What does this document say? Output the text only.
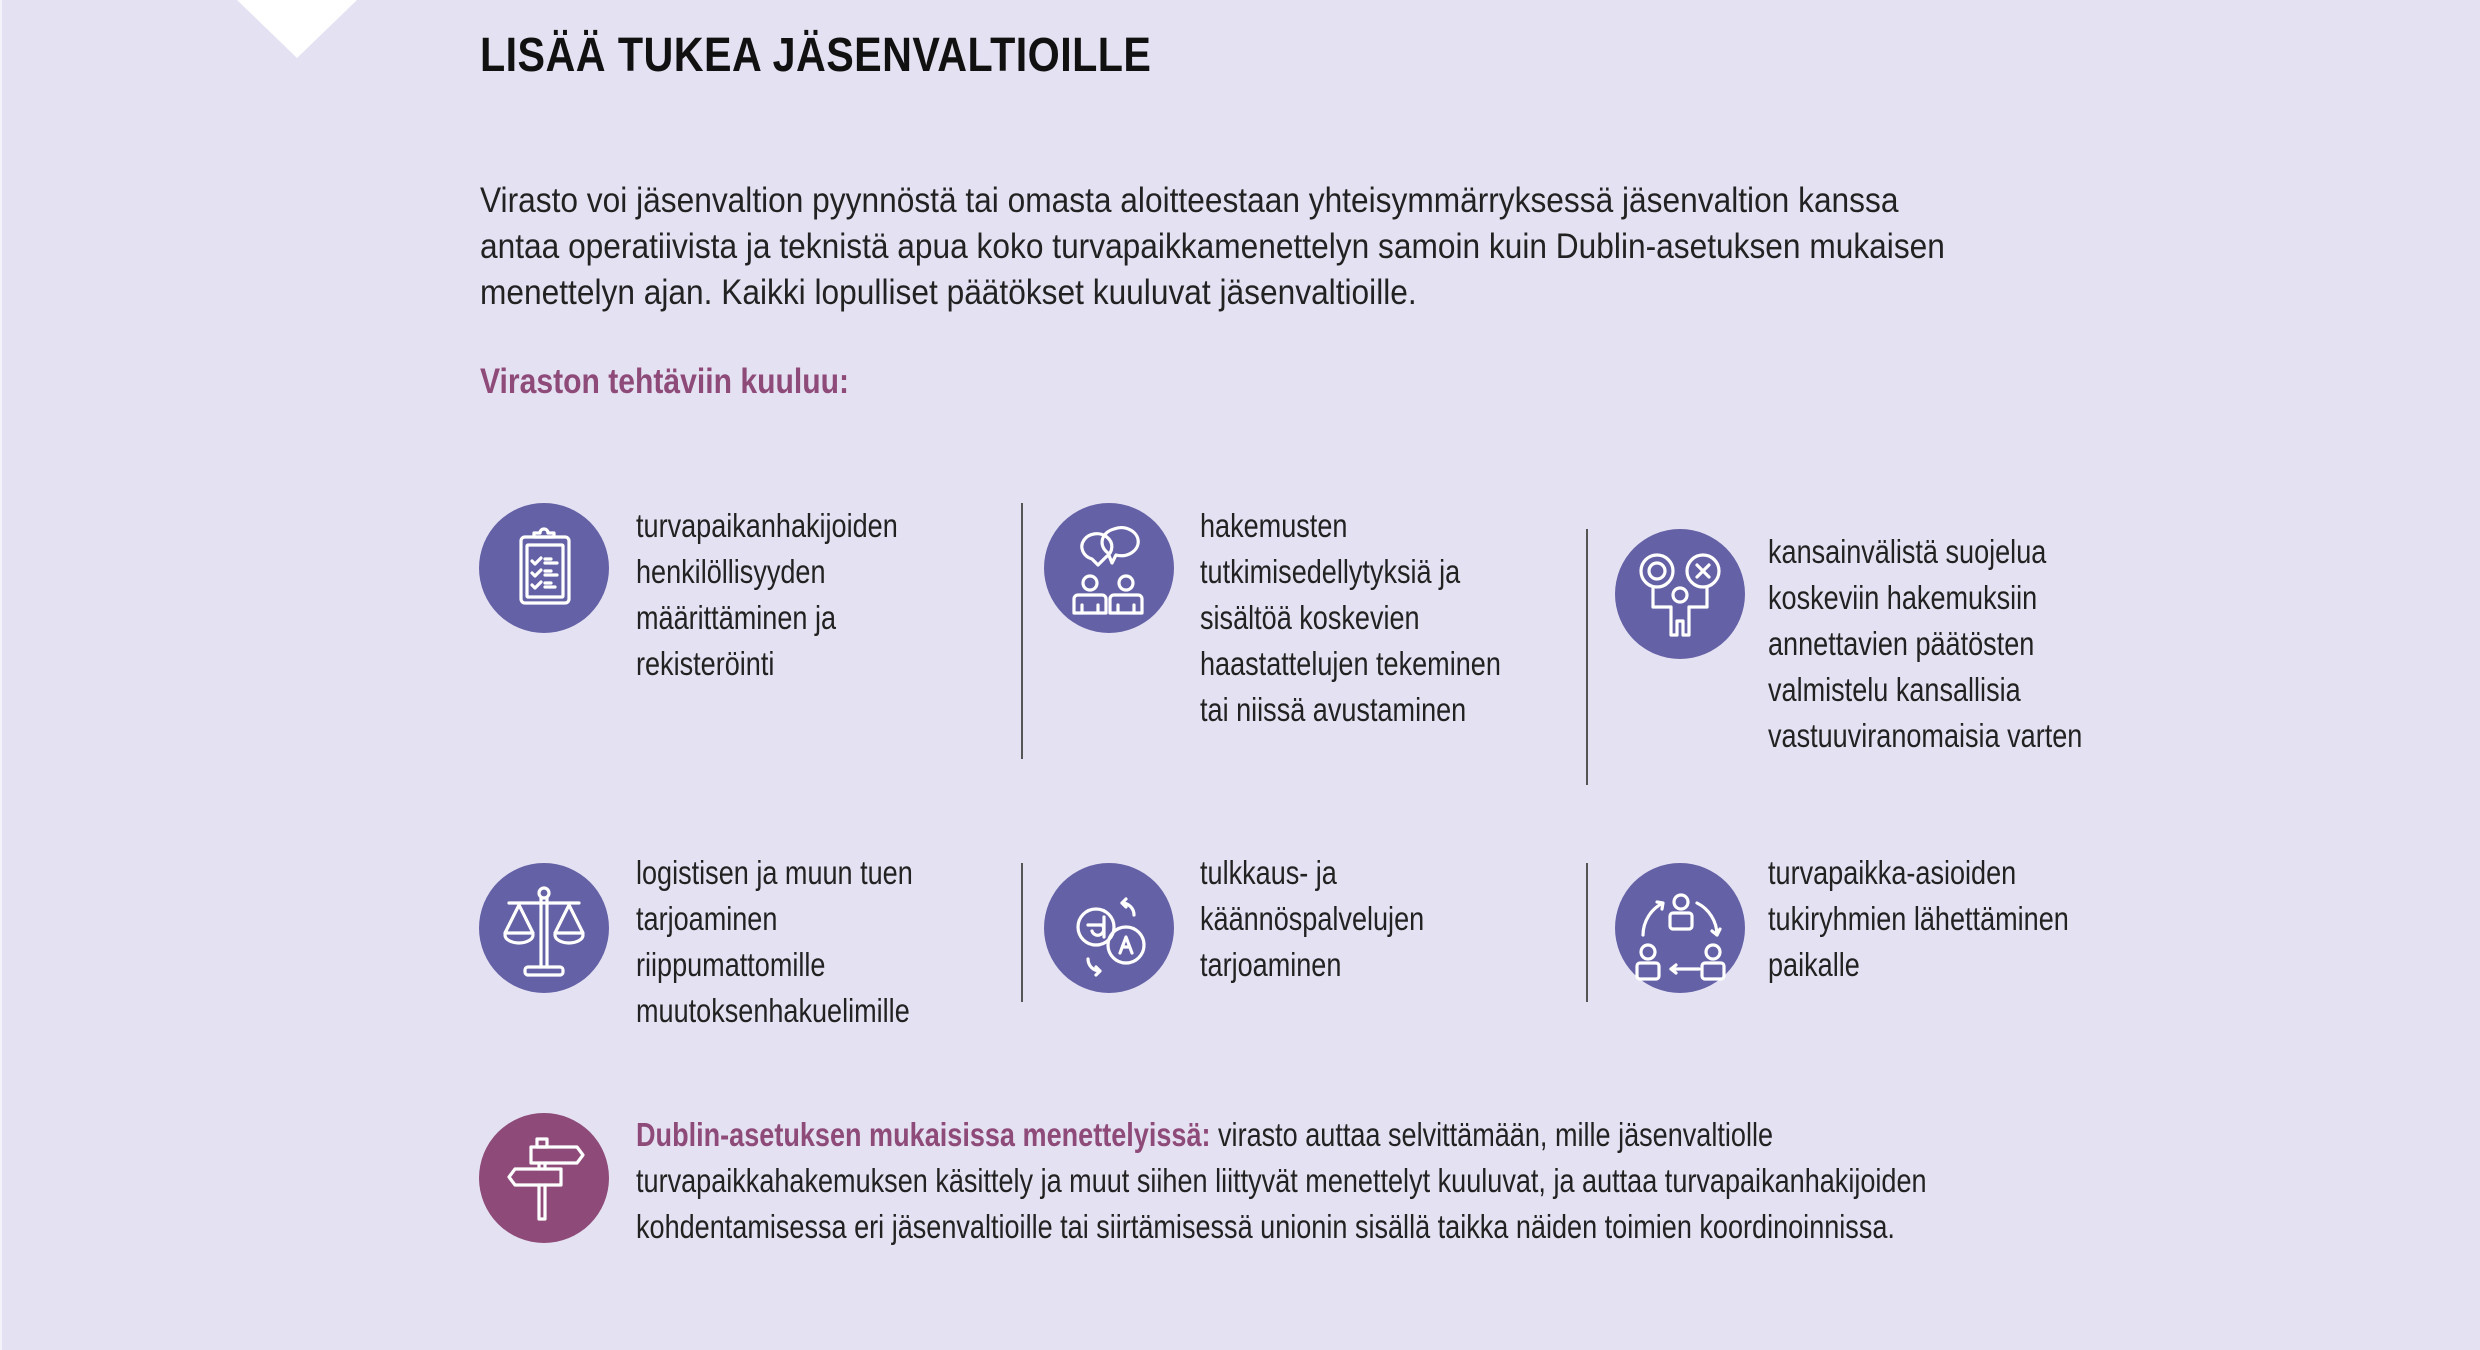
LISÄÄ TUKEA JÄSENVALTIOILLE
Virasto voi jäsenvaltion pyynnöstä tai omasta aloitteestaan yhteisymmärryksessä jäsenvaltion kanssa
antaa operatiivista ja teknistä apua koko turvapaikkamenettelyn samoin kuin Dublin-asetuksen mukaisen
menettelyn ajan. Kaikki lopulliset päätökset kuuluvat jäsenvaltioille.
Viraston tehtäviin kuuluu:
turvapaikanhakijoiden
henkilöllisyyden
määrittäminen ja
rekisteröinti
hakemusten
tutkimisedellytyksiä ja
sisältöä koskevien
haastattelujen tekeminen
tai niissä avustaminen
kansainvälistä suojelua
koskeviin hakemuksiin
annettavien päätösten
valmistelu kansallisia
vastuuviranomaisia varten
logistisen ja muun tuen
tarjoaminen
riippumattomille
muutoksenhakuelimille
tulkkaus- ja
käännöspalvelujen
tarjoaminen
turvapaikka-asioiden
tukiryhmien lähettäminen
paikalle
Dublin-asetuksen mukaisissa menettelyissä: virasto auttaa selvittämään, mille jäsenvaltiolle
turvapaikkahakemuksen käsittely ja muut siihen liittyvät menettelyt kuuluvat, ja auttaa turvapaikanhakijoiden
kohdentamisessa eri jäsenvaltioille tai siirtämisessä unionin sisällä taikka näiden toimien koordinoinnissa.
